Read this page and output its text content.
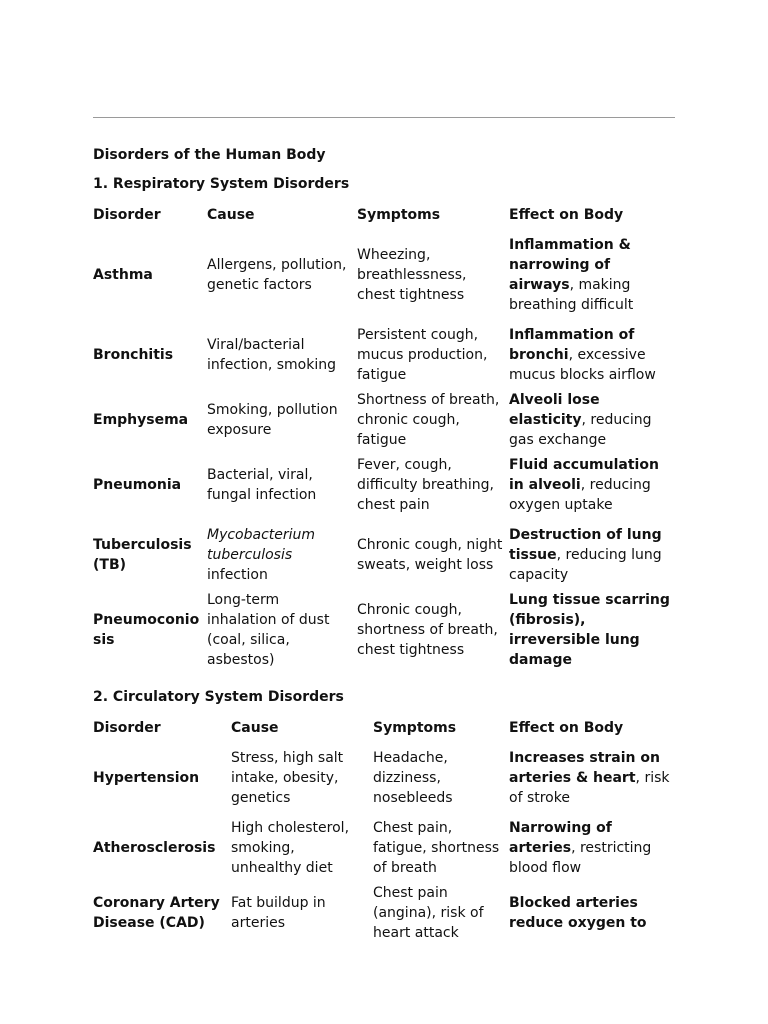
Disorders of the Human Body
1. Respiratory System Disorders
Disorder	Cause	Symptoms	Effect on Body
Asthma	Allergens, pollution, genetic factors	Wheezing, breathlessness, chest tightness	Inflammation & narrowing of airways, making breathing difficult
Bronchitis	Viral/bacterial infection, smoking	Persistent cough, mucus production, fatigue	Inflammation of bronchi, excessive mucus blocks airflow
Emphysema	Smoking, pollution exposure	Shortness of breath, chronic cough, fatigue	Alveoli lose elasticity, reducing gas exchange
Pneumonia	Bacterial, viral, fungal infection	Fever, cough, difficulty breathing, chest pain	Fluid accumulation in alveoli, reducing oxygen uptake
Tuberculosis (TB)	Mycobacterium tuberculosis infection	Chronic cough, night sweats, weight loss	Destruction of lung tissue, reducing lung capacity
Pneumoconiosis	Long-term inhalation of dust (coal, silica, asbestos)	Chronic cough, shortness of breath, chest tightness	Lung tissue scarring (fibrosis), irreversible lung damage
2. Circulatory System Disorders
Disorder	Cause	Symptoms	Effect on Body
Hypertension	Stress, high salt intake, obesity, genetics	Headache, dizziness, nosebleeds	Increases strain on arteries & heart, risk of stroke
Atherosclerosis	High cholesterol, smoking, unhealthy diet	Chest pain, fatigue, shortness of breath	Narrowing of arteries, restricting blood flow
Coronary Artery Disease (CAD)	Fat buildup in arteries	Chest pain (angina), risk of heart attack	Blocked arteries reduce oxygen to
